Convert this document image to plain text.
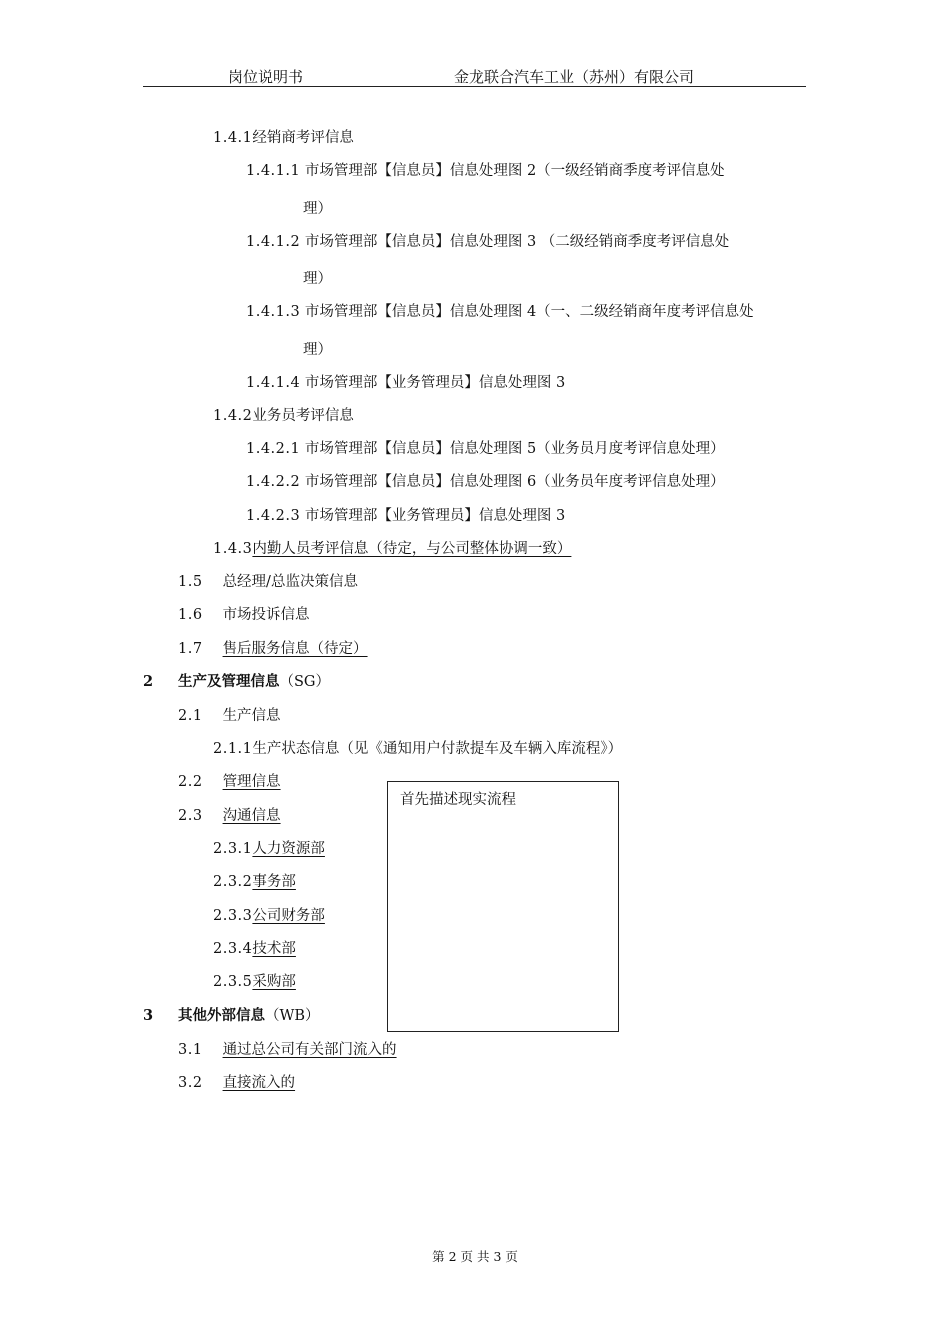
岗位说明书	金龙联合汽车工业（苏州）有限公司
1.4.1经销商考评信息
1.4.1.1 市场管理部【信息员】信息处理图 2（一级经销商季度考评信息处
理）
1.4.1.2 市场管理部【信息员】信息处理图 3 （二级经销商季度考评信息处
理）
1.4.1.3 市场管理部【信息员】信息处理图 4（一、二级经销商年度考评信息处
理）
1.4.1.4 市场管理部【业务管理员】信息处理图 3
1.4.2业务员考评信息
1.4.2.1 市场管理部【信息员】信息处理图 5（业务员月度考评信息处理）
1.4.2.2 市场管理部【信息员】信息处理图 6（业务员年度考评信息处理）
1.4.2.3 市场管理部【业务管理员】信息处理图 3
1.4.3内勤人员考评信息（待定，与公司整体协调一致）
1.5 总经理/总监决策信息
1.6 市场投诉信息
1.7 售后服务信息（待定）
2 生产及管理信息（SG）
2.1 生产信息
2.1.1生产状态信息（见《通知用户付款提车及车辆入库流程》）
2.2 管理信息
2.3 沟通信息
2.3.1人力资源部
2.3.2事务部
2.3.3公司财务部
2.3.4技术部
2.3.5采购部
3 其他外部信息（WB）
3.1 通过总公司有关部门流入的
3.2 直接流入的
首先描述现实流程
第 2 页 共 3 页
